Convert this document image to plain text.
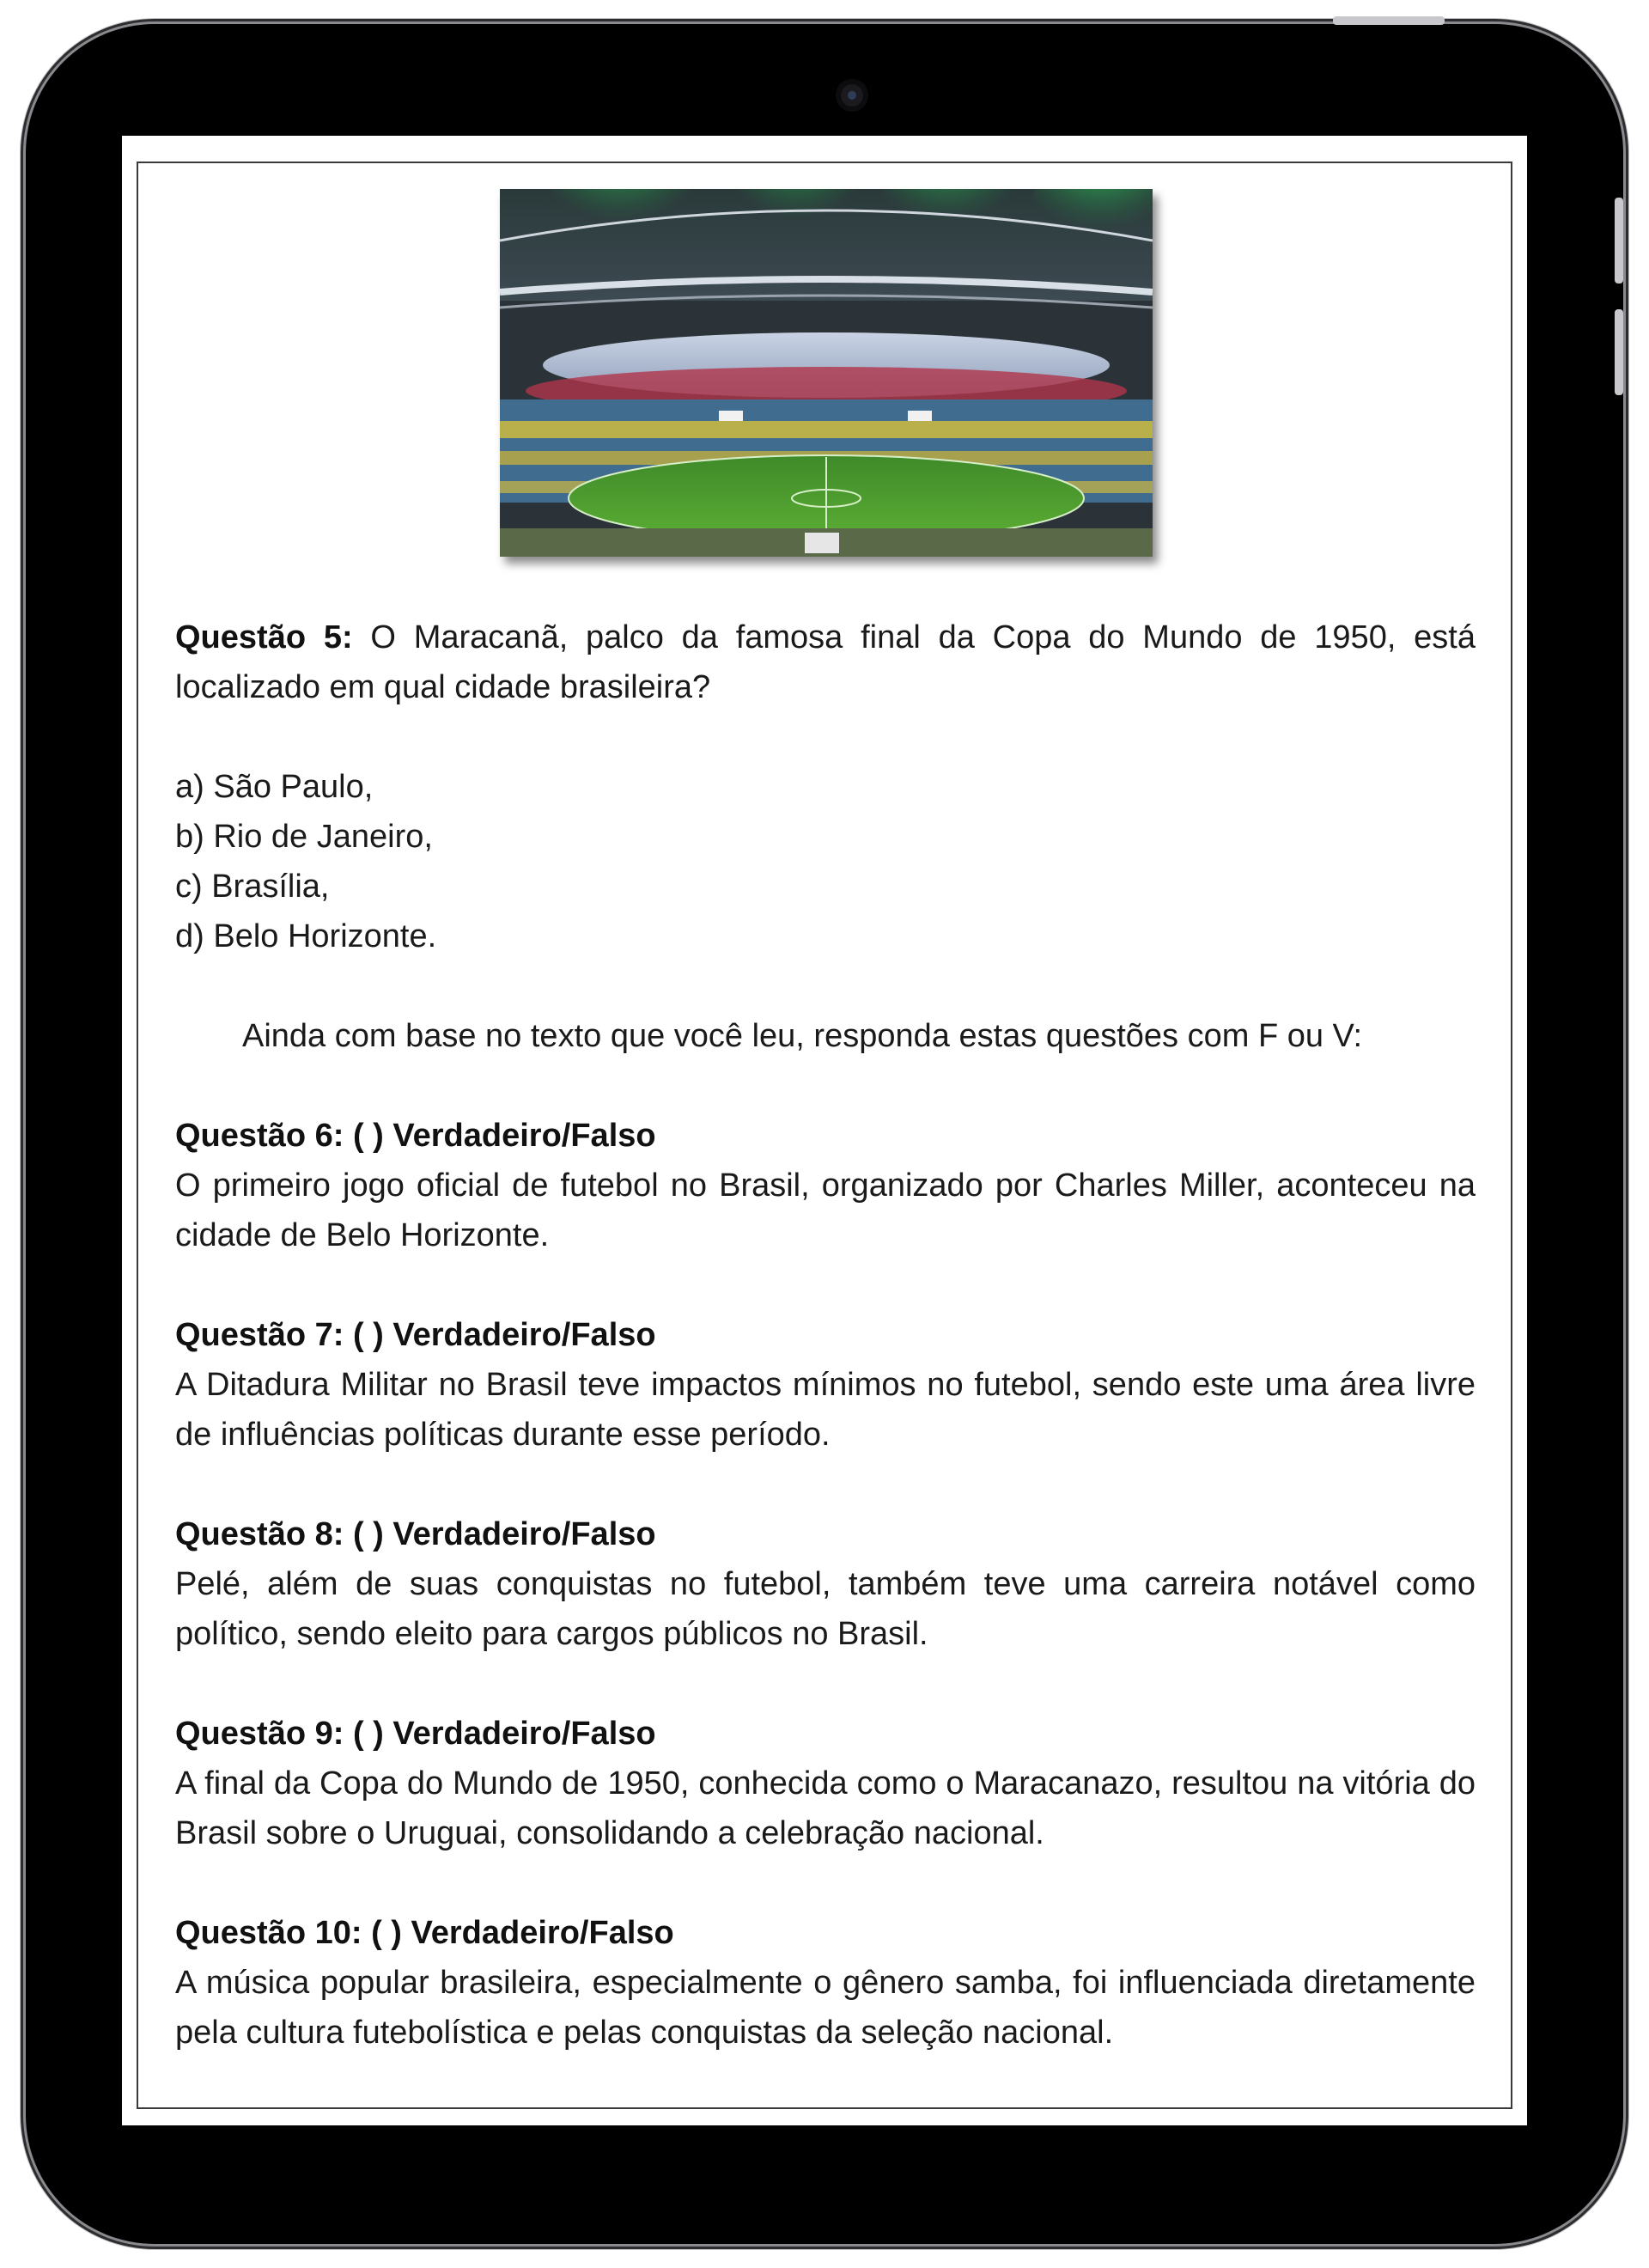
Questão 5: O Maracanã, palco da famosa final da Copa do Mundo de 1950, está localizado em qual cidade brasileira?

a) São Paulo,

b) Rio de Janeiro,

c) Brasília,

d) Belo Horizonte.

Ainda com base no texto que você leu, responda estas questões com F ou V:

Questão 6: ( ) Verdadeiro/Falso

O primeiro jogo oficial de futebol no Brasil, organizado por Charles Miller, aconteceu na cidade de Belo Horizonte.

Questão 7: ( ) Verdadeiro/Falso

A Ditadura Militar no Brasil teve impactos mínimos no futebol, sendo este uma área livre de influências políticas durante esse período.

Questão 8: ( ) Verdadeiro/Falso

Pelé, além de suas conquistas no futebol, também teve uma carreira notável como político, sendo eleito para cargos públicos no Brasil.

Questão 9: ( ) Verdadeiro/Falso

A final da Copa do Mundo de 1950, conhecida como o Maracanazo, resultou na vitória do Brasil sobre o Uruguai, consolidando a celebração nacional.

Questão 10: ( ) Verdadeiro/Falso

A música popular brasileira, especialmente o gênero samba, foi influenciada diretamente pela cultura futebolística e pelas conquistas da seleção nacional.
